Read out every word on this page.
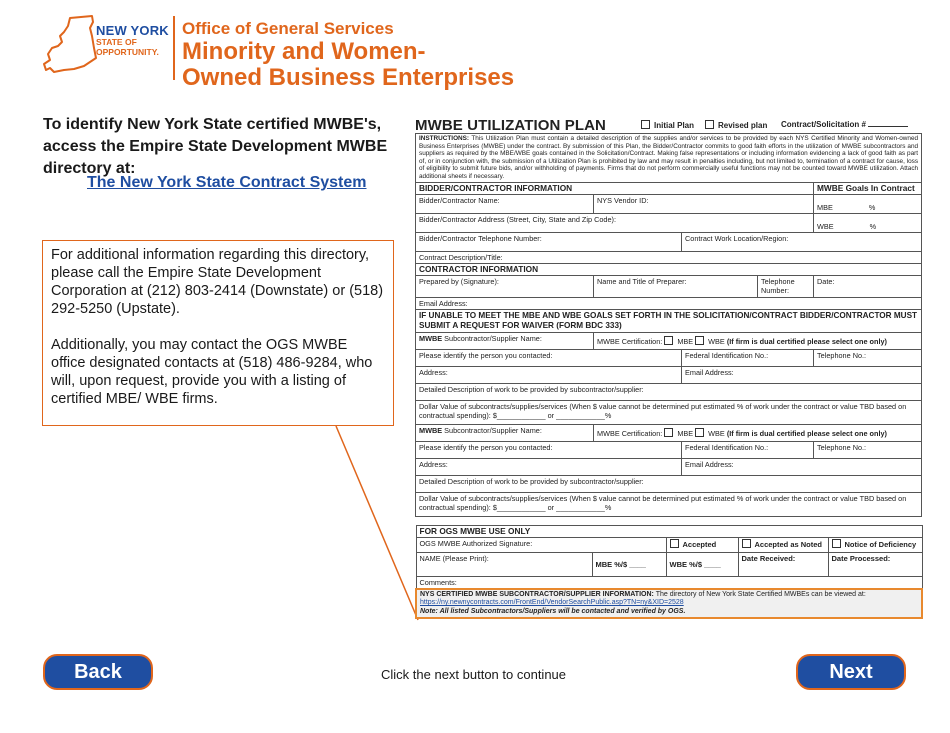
NEW YORK
STATE OF
OPPORTUNITY.
Office of General Services
Minority and Women-
Owned Business Enterprises
To identify New York State certified MWBE's, access the Empire State Development MWBE directory at:
The New York State Contract System

For additional information regarding this directory, please call the Empire State Development Corporation at (212) 803-2414 (Downstate) or (518) 292-5250 (Upstate).

Additionally, you may contact the OGS MWBE office designated contacts at (518) 486-9284, who will, upon request, provide you with a listing of certified MBE/ WBE firms.

MWBE UTILIZATION PLAN	Initial Plan	Revised plan Contract/Solicitation #
INSTRUCTIONS: This Utilization Plan must contain a detailed description of the supplies and/or services to be provided by each NYS Certified Minority and Women-owned Business Enterprises (MWBE) under the contract. By submission of this Plan, the Bidder/Contractor commits to good faith efforts in the utilization of MWBE subcontractors and suppliers as required by the MBE/WBE goals contained in the Solicitation/Contract. Making false representations or including information evidencing a lack of good faith as part of, or in conjunction with, the submission of a Utilization Plan is prohibited by law and may result in penalties including, but not limited to, termination of a contract for cause, loss of eligibility to submit future bids, and/or withholding of payments. Firms that do not perform commercially useful functions may not be counted toward MWBE utilization. Attach additional sheets if necessary.				
BIDDER/CONTRACTOR INFORMATION				MWBE Goals In Contract
Bidder/Contractor Name:	NYS Vendor ID:			MBE %
Bidder/Contractor Address (Street, City, State and Zip Code):				WBE %
Bidder/Contractor Telephone Number:		Contract Work Location/Region:		
Contract Description/Title:				
CONTRACTOR INFORMATION				
Prepared by (Signature):	Name and Title of Preparer:		Telephone Number:	Date:
Email Address:				
IF UNABLE TO MEET THE MBE AND WBE GOALS SET FORTH IN THE SOLICITATION/CONTRACT BIDDER/CONTRACTOR MUST SUBMIT A REQUEST FOR WAIVER (FORM BDC 333)				
MWBE Subcontractor/Supplier Name:	MWBE Certification: MBE WBE (If firm is dual certified please select one only)			
Please identify the person you contacted:		Federal Identification No.:		Telephone No.:
Address:		Email Address:		
Detailed Description of work to be provided by subcontractor/supplier:				
Dollar Value of subcontracts/supplies/services (When $ value cannot be determined put estimated % of work under the contract or value TBD based on contractual spending): $____________ or ____________%				
MWBE Subcontractor/Supplier Name:	MWBE Certification: MBE WBE (If firm is dual certified please select one only)			
Please identify the person you contacted:		Federal Identification No.:		Telephone No.:
Address:		Email Address:		
Detailed Description of work to be provided by subcontractor/supplier:				
Dollar Value of subcontracts/supplies/services (When $ value cannot be determined put estimated % of work under the contract or value TBD based on contractual spending): $____________ or ____________%				
FOR OGS MWBE USE ONLY				
OGS MWBE Authorized Signature:		Accepted	Accepted as Noted	Notice of Deficiency
NAME (Please Print):	MBE %/$ ____	WBE %/$ ____	Date Received:	Date Processed:
Comments:				
NYS CERTIFIED MWBE SUBCONTRACTOR/SUPPLIER INFORMATION: The directory of New York State Certified MWBEs can be viewed at: https://ny.newnycontracts.com/FrontEnd/VendorSearchPublic.asp?TN=ny&XID=2528
Note: All listed Subcontractors/Suppliers will be contacted and verified by OGS.				
Back	Click the next button to continue	Next
